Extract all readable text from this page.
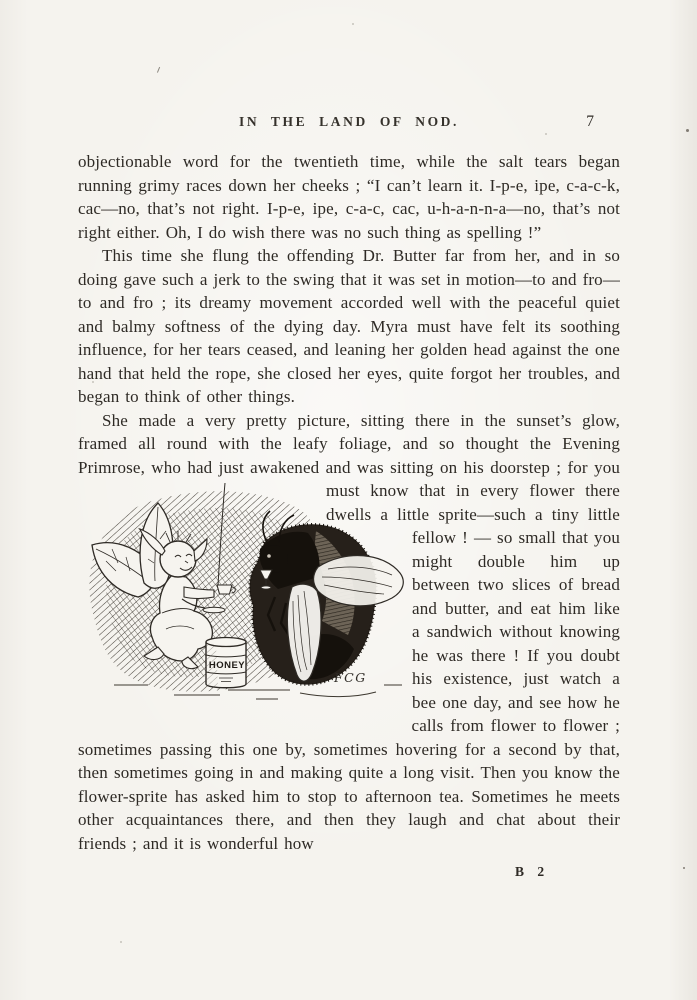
IN THE LAND OF NOD.	7

objectionable word for the twentieth time, while the salt tears began running grimy races down her cheeks ; “I can’t learn it. I-p-e, ipe, c-a-c-k, cac—no, that’s not right. I-p-e, ipe, c-a-c, cac, u-h-a-n-n-a—no, that’s not right either. Oh, I do wish there was no such thing as spelling !”

This time she flung the offending Dr. Butter far from her, and in so doing gave such a jerk to the swing that it was set in motion—to and fro—to and fro ; its dreamy movement accorded well with the peaceful quiet and balmy softness of the dying day. Myra must have felt its soothing influence, for her tears ceased, and leaning her golden head against the one hand that held the rope, she closed her eyes, quite forgot her troubles, and began to think of other things.

She made a very pretty picture, sitting there in the sunset’s glow, framed all round with the leafy foliage, and so thought the Evening Primrose, who had just awakened and was sitting on
HONEY
FCG
his doorstep ; for you must know that in every flower there dwells a little sprite—such a tiny little fellow ! — so small that you might double him up between two slices of bread and butter, and eat him like a sandwich without knowing he was there ! If you doubt his existence, just watch a bee one day, and see how he calls from flower to flower ; sometimes passing this one by, sometimes hovering for a second by that, then sometimes going in and making quite a long visit. Then you know the flower-sprite has asked him to stop to afternoon tea. Sometimes he meets other acquaintances there, and then they laugh and chat about their friends ; and it is wonderful how

B 2
